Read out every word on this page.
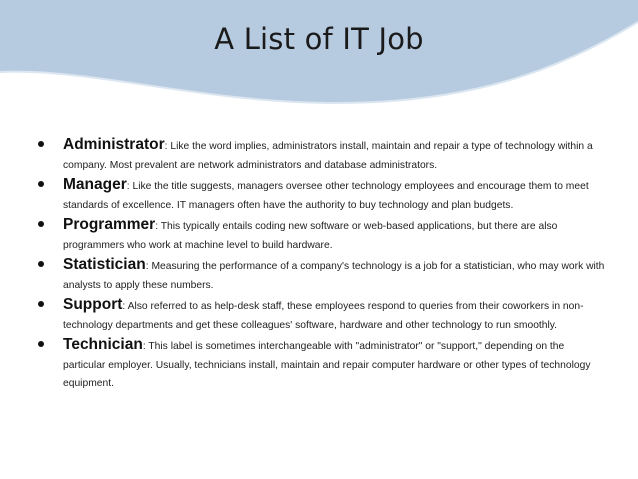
A List of IT Job
Administrator: Like the word implies, administrators install, maintain and repair a type of technology within a company. Most prevalent are network administrators and database administrators.
Manager: Like the title suggests, managers oversee other technology employees and encourage them to meet standards of excellence. IT managers often have the authority to buy technology and plan budgets.
Programmer: This typically entails coding new software or web-based applications, but there are also programmers who work at machine level to build hardware.
Statistician: Measuring the performance of a company's technology is a job for a statistician, who may work with analysts to apply these numbers.
Support: Also referred to as help-desk staff, these employees respond to queries from their coworkers in non-technology departments and get these colleagues' software, hardware and other technology to run smoothly.
Technician: This label is sometimes interchangeable with "administrator" or "support," depending on the particular employer. Usually, technicians install, maintain and repair computer hardware or other types of technology equipment.
